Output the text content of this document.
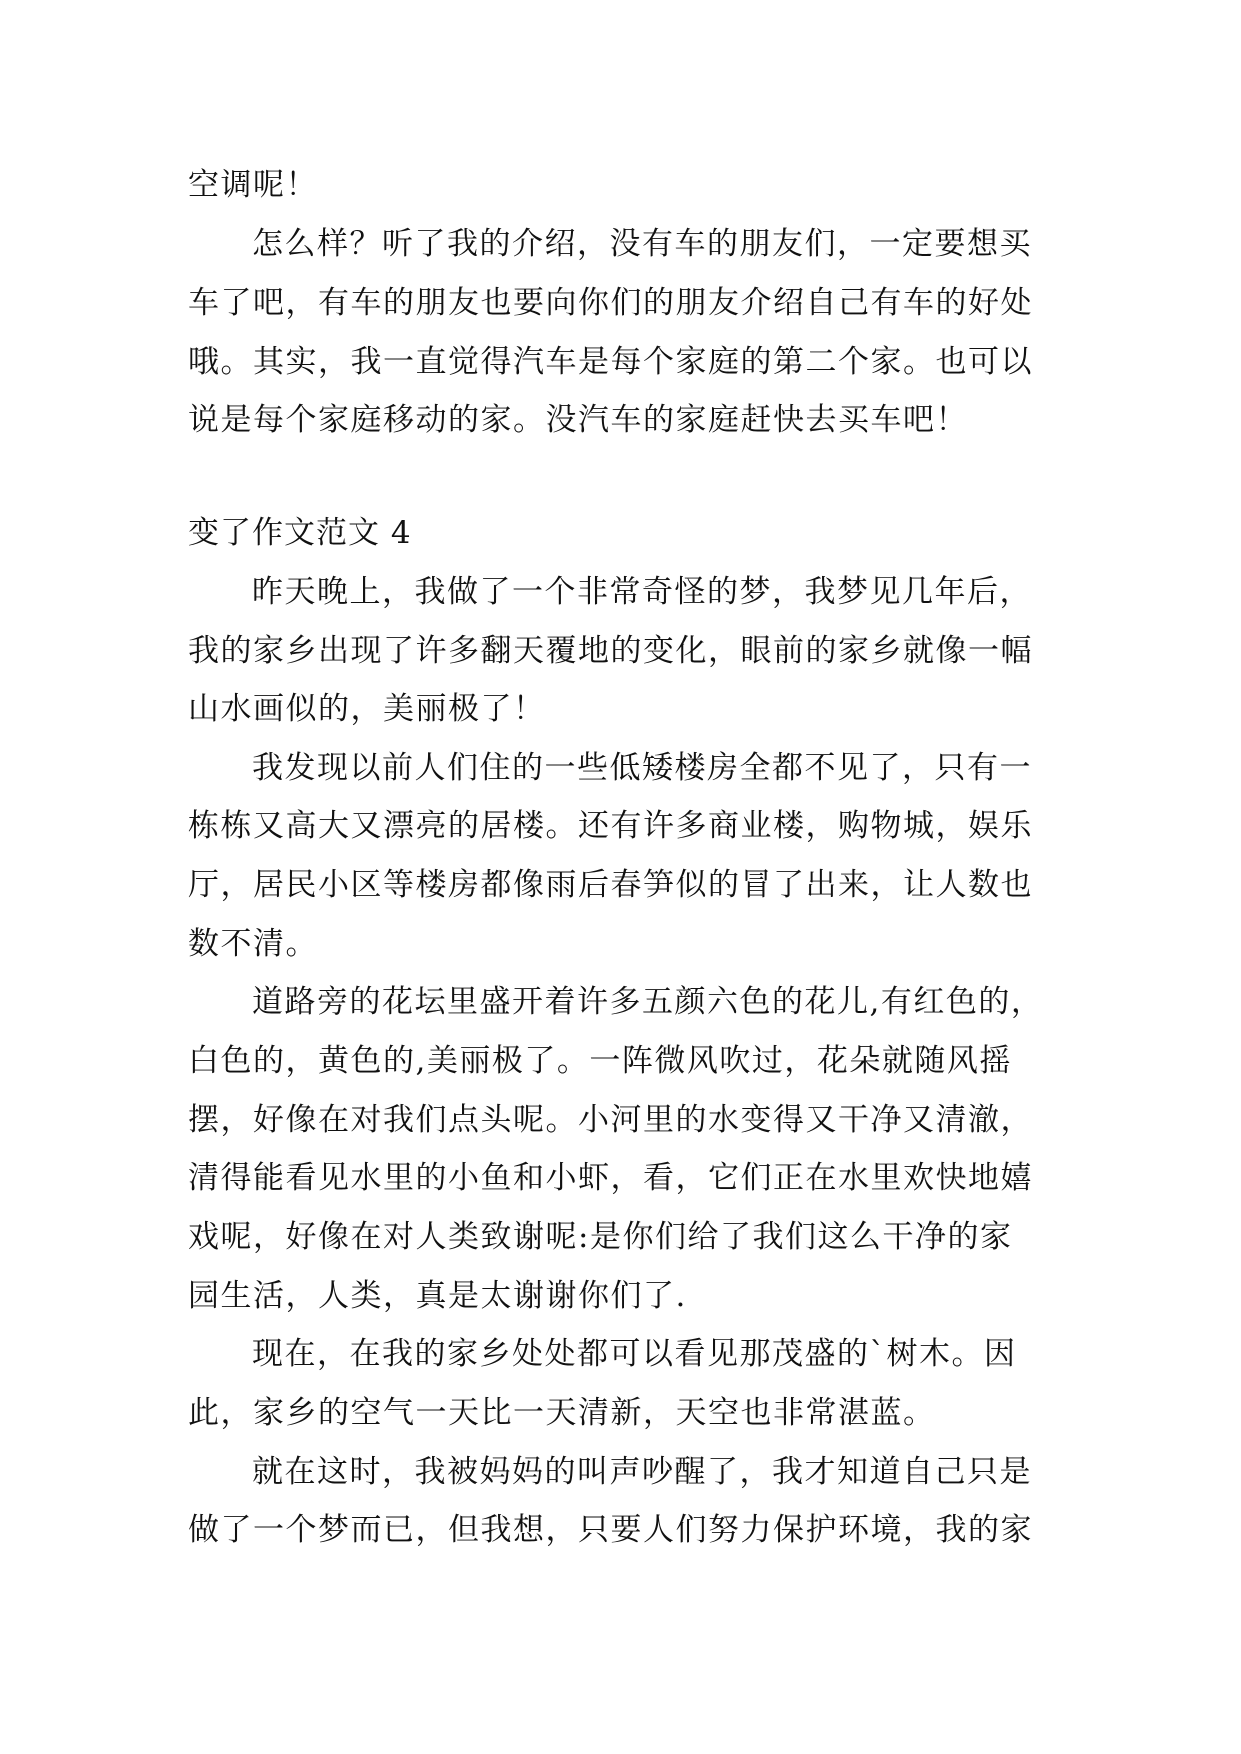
空调呢！
怎么样？听了我的介绍，没有车的朋友们，一定要想买
车了吧，有车的朋友也要向你们的朋友介绍自己有车的好处
哦。其实，我一直觉得汽车是每个家庭的第二个家。也可以
说是每个家庭移动的家。没汽车的家庭赶快去买车吧！
变了作文范文 4
昨天晚上，我做了一个非常奇怪的梦，我梦见几年后，
我的家乡出现了许多翻天覆地的变化，眼前的家乡就像一幅
山水画似的，美丽极了！
我发现以前人们住的一些低矮楼房全都不见了，只有一
栋栋又高大又漂亮的居楼。还有许多商业楼，购物城，娱乐
厅，居民小区等楼房都像雨后春笋似的冒了出来，让人数也
数不清。
道路旁的花坛里盛开着许多五颜六色的花儿,有红色的，
白色的，黄色的,美丽极了。一阵微风吹过，花朵就随风摇
摆，好像在对我们点头呢。小河里的水变得又干净又清澈，
清得能看见水里的小鱼和小虾，看，它们正在水里欢快地嬉
戏呢，好像在对人类致谢呢:是你们给了我们这么干净的家
园生活，人类，真是太谢谢你们了.
现在，在我的家乡处处都可以看见那茂盛的`树木。因
此，家乡的空气一天比一天清新，天空也非常湛蓝。
就在这时，我被妈妈的叫声吵醒了，我才知道自己只是
做了一个梦而已，但我想，只要人们努力保护环境，我的家
